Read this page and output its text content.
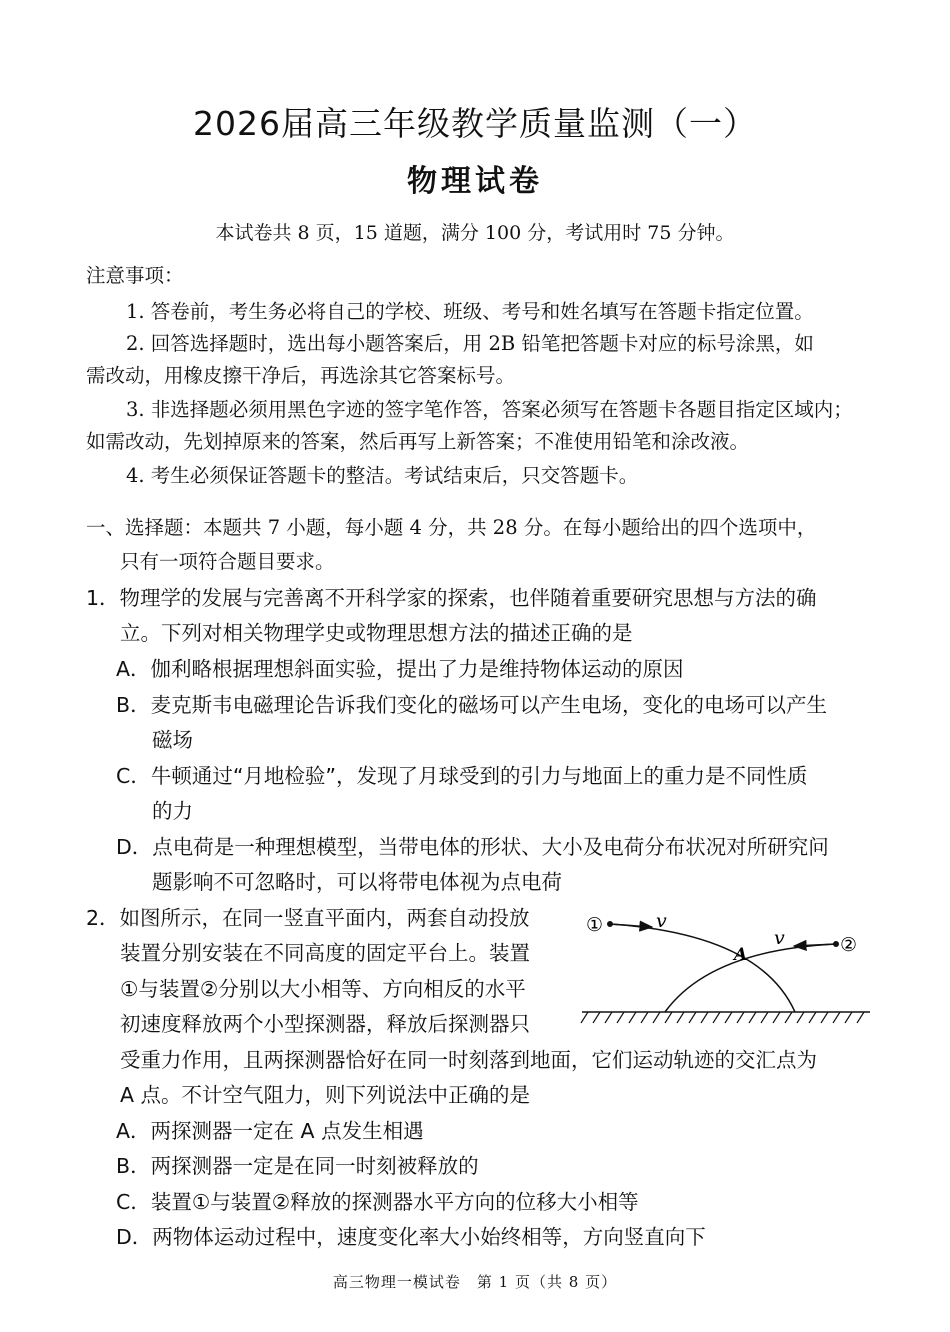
2026届高三年级教学质量监测（一）
物理试卷
本试卷共 8 页，15 道题，满分 100 分，考试用时 75 分钟。
注意事项：
1. 答卷前，考生务必将自己的学校、班级、考号和姓名填写在答题卡指定位置。
2. 回答选择题时，选出每小题答案后，用 2B 铅笔把答题卡对应的标号涂黑，如
需改动，用橡皮擦干净后，再选涂其它答案标号。
3. 非选择题必须用黑色字迹的签字笔作答，答案必须写在答题卡各题目指定区域内；
如需改动，先划掉原来的答案，然后再写上新答案；不准使用铅笔和涂改液。
4. 考生必须保证答题卡的整洁。考试结束后，只交答题卡。
一、选择题：本题共 7 小题，每小题 4 分，共 28 分。在每小题给出的四个选项中，
只有一项符合题目要求。
1．物理学的发展与完善离不开科学家的探索，也伴随着重要研究思想与方法的确
立。下列对相关物理学史或物理思想方法的描述正确的是
A．伽利略根据理想斜面实验，提出了力是维持物体运动的原因
B．麦克斯韦电磁理论告诉我们变化的磁场可以产生电场，变化的电场可以产生
磁场
C．牛顿通过“月地检验”，发现了月球受到的引力与地面上的重力是不同性质
的力
D．点电荷是一种理想模型，当带电体的形状、大小及电荷分布状况对所研究问
题影响不可忽略时，可以将带电体视为点电荷
2．如图所示，在同一竖直平面内，两套自动投放
装置分别安装在不同高度的固定平台上。装置
①与装置②分别以大小相等、方向相反的水平
初速度释放两个小型探测器，释放后探测器只
受重力作用，且两探测器恰好在同一时刻落到地面，它们运动轨迹的交汇点为
A 点。不计空气阻力，则下列说法中正确的是
A．两探测器一定在 A 点发生相遇
B．两探测器一定是在同一时刻被释放的
C．装置①与装置②释放的探测器水平方向的位移大小相等
D．两物体运动过程中，速度变化率大小始终相等，方向竖直向下
①
②
v
v
A
高三物理一模试卷　第 1 页（共 8 页）
